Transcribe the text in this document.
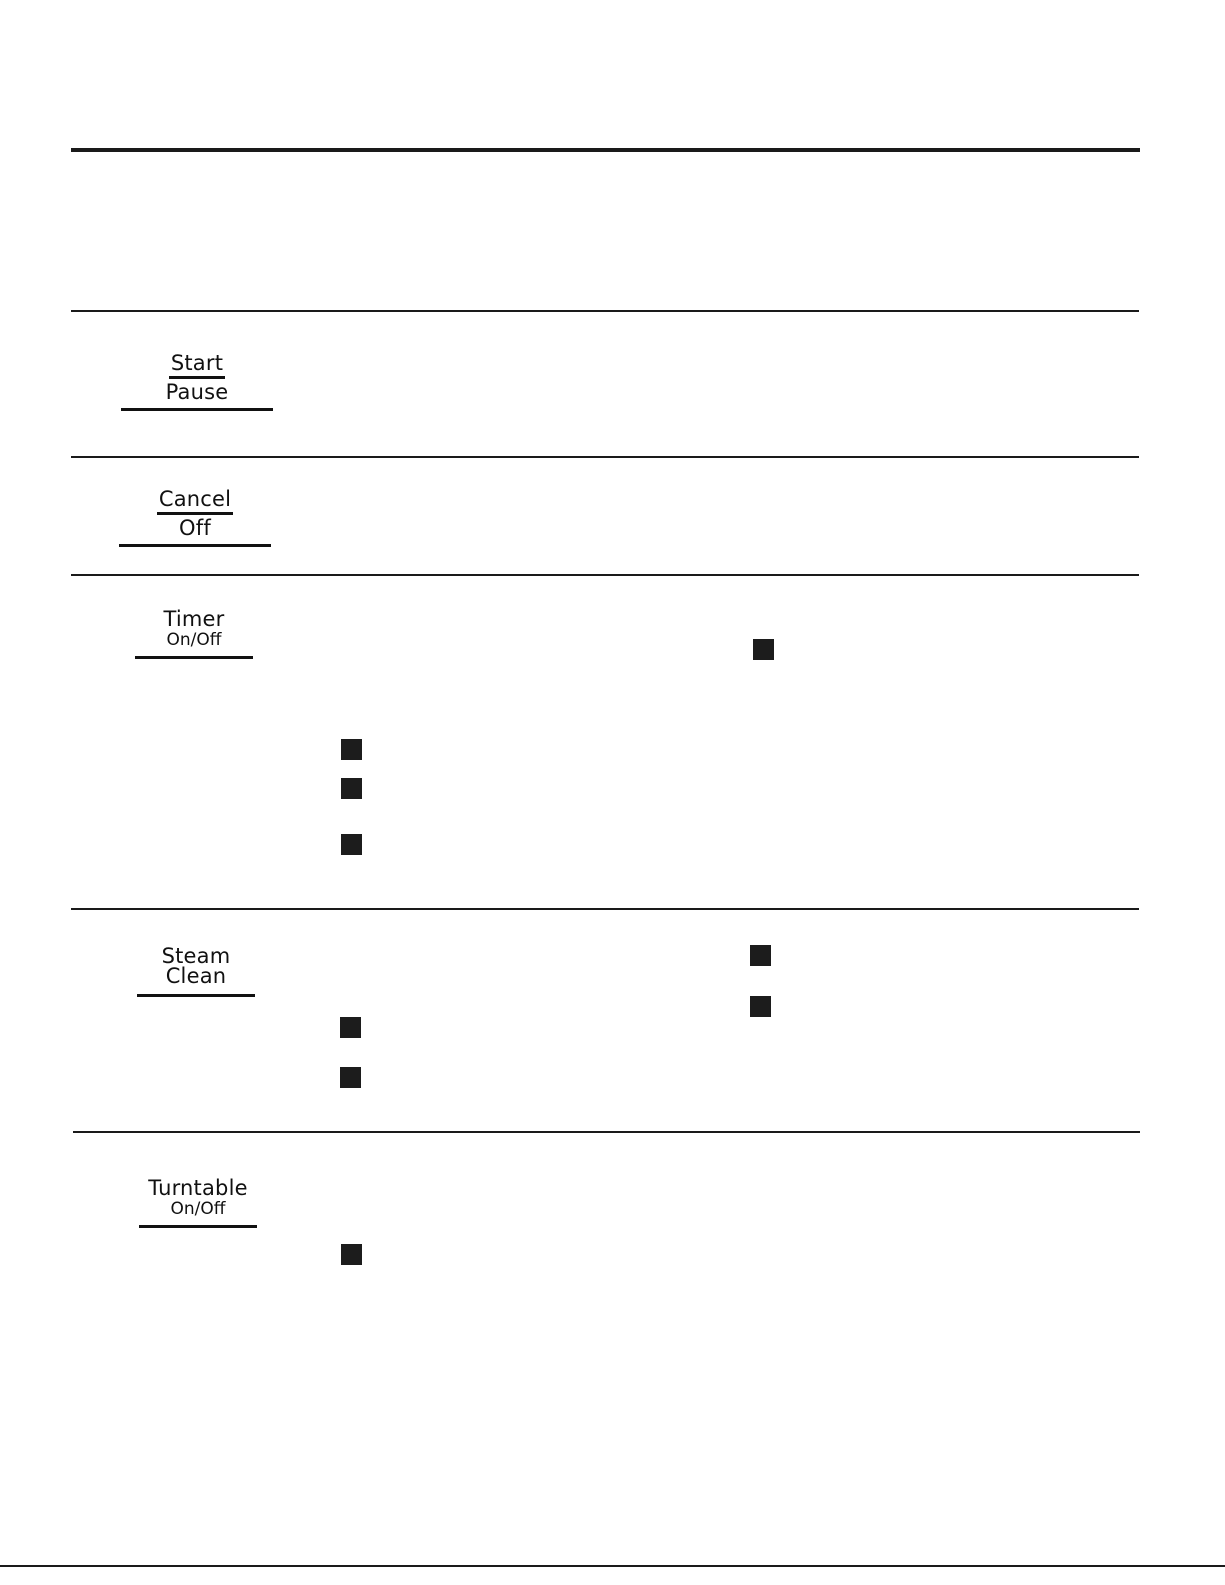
Start
Pause
Cancel
Off
Timer
On/Off
Steam
Clean
Turntable
On/Off
